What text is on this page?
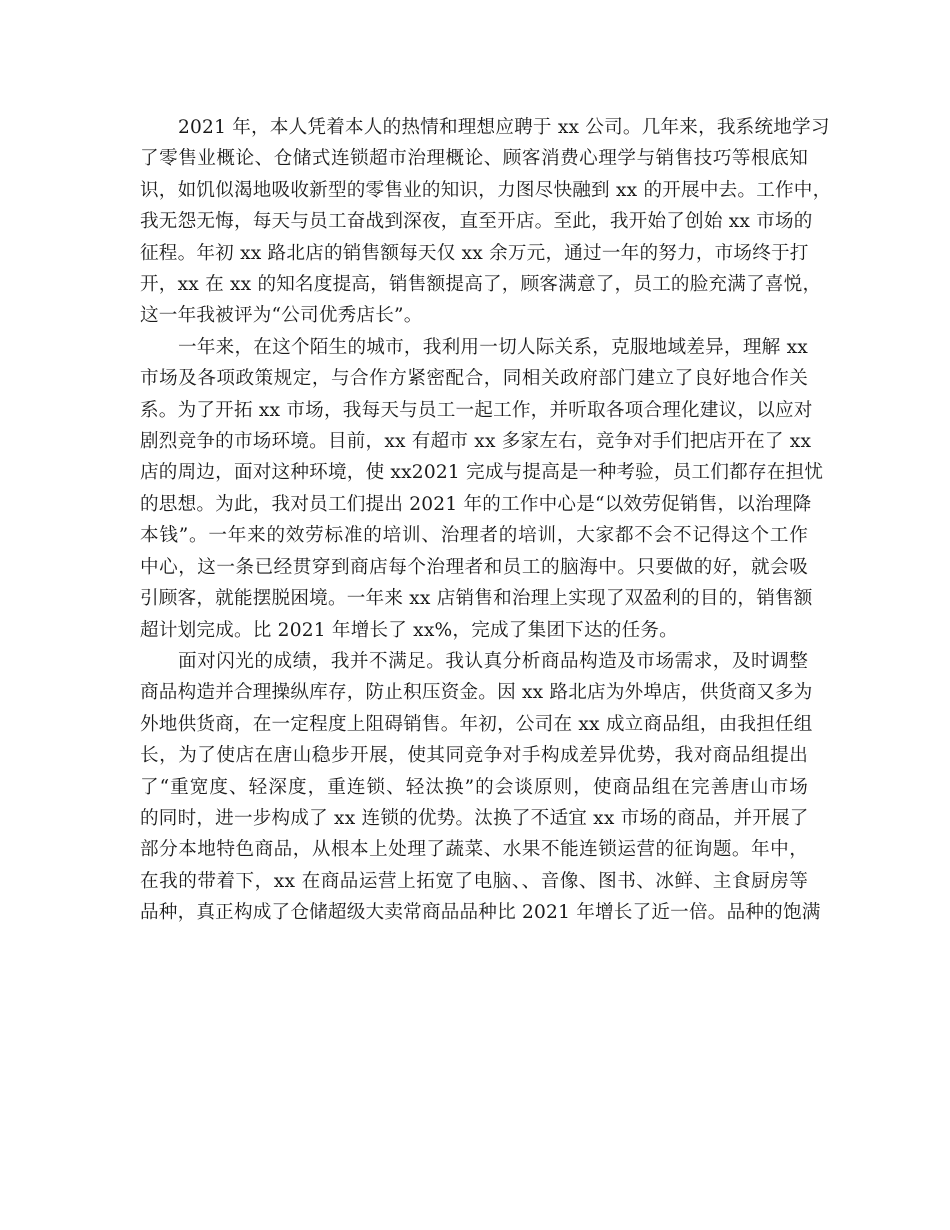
2021 年，本人凭着本人的热情和理想应聘于 xx 公司。几年来，我系统地学习
了零售业概论、仓储式连锁超市治理概论、顾客消费心理学与销售技巧等根底知
识，如饥似渴地吸收新型的零售业的知识，力图尽快融到 xx 的开展中去。工作中，
我无怨无悔，每天与员工奋战到深夜，直至开店。至此，我开始了创始 xx 市场的
征程。年初 xx 路北店的销售额每天仅 xx 余万元，通过一年的努力，市场终于打
开，xx 在 xx 的知名度提高，销售额提高了，顾客满意了，员工的脸充满了喜悦，
这一年我被评为“公司优秀店长”。

一年来，在这个陌生的城市，我利用一切人际关系，克服地域差异，理解 xx
市场及各项政策规定，与合作方紧密配合，同相关政府部门建立了良好地合作关
系。为了开拓 xx 市场，我每天与员工一起工作，并听取各项合理化建议，以应对
剧烈竞争的市场环境。目前，xx 有超市 xx 多家左右，竞争对手们把店开在了 xx
店的周边，面对这种环境，使 xx2021 完成与提高是一种考验，员工们都存在担忧
的思想。为此，我对员工们提出 2021 年的工作中心是“以效劳促销售，以治理降
本钱”。一年来的效劳标准的培训、治理者的培训，大家都不会不记得这个工作
中心，这一条已经贯穿到商店每个治理者和员工的脑海中。只要做的好，就会吸
引顾客，就能摆脱困境。一年来 xx 店销售和治理上实现了双盈利的目的，销售额
超计划完成。比 2021 年增长了 xx%，完成了集团下达的任务。

面对闪光的成绩，我并不满足。我认真分析商品构造及市场需求，及时调整
商品构造并合理操纵库存，防止积压资金。因 xx 路北店为外埠店，供货商又多为
外地供货商，在一定程度上阻碍销售。年初，公司在 xx 成立商品组，由我担任组
长，为了使店在唐山稳步开展，使其同竞争对手构成差异优势，我对商品组提出
了“重宽度、轻深度，重连锁、轻汰换”的会谈原则，使商品组在完善唐山市场
的同时，进一步构成了 xx 连锁的优势。汰换了不适宜 xx 市场的商品，并开展了
部分本地特色商品，从根本上处理了蔬菜、水果不能连锁运营的征询题。年中，
在我的带着下，xx 在商品运营上拓宽了电脑、、音像、图书、冰鲜、主食厨房等
品种，真正构成了仓储超级大卖常商品品种比 2021 年增长了近一倍。品种的饱满
